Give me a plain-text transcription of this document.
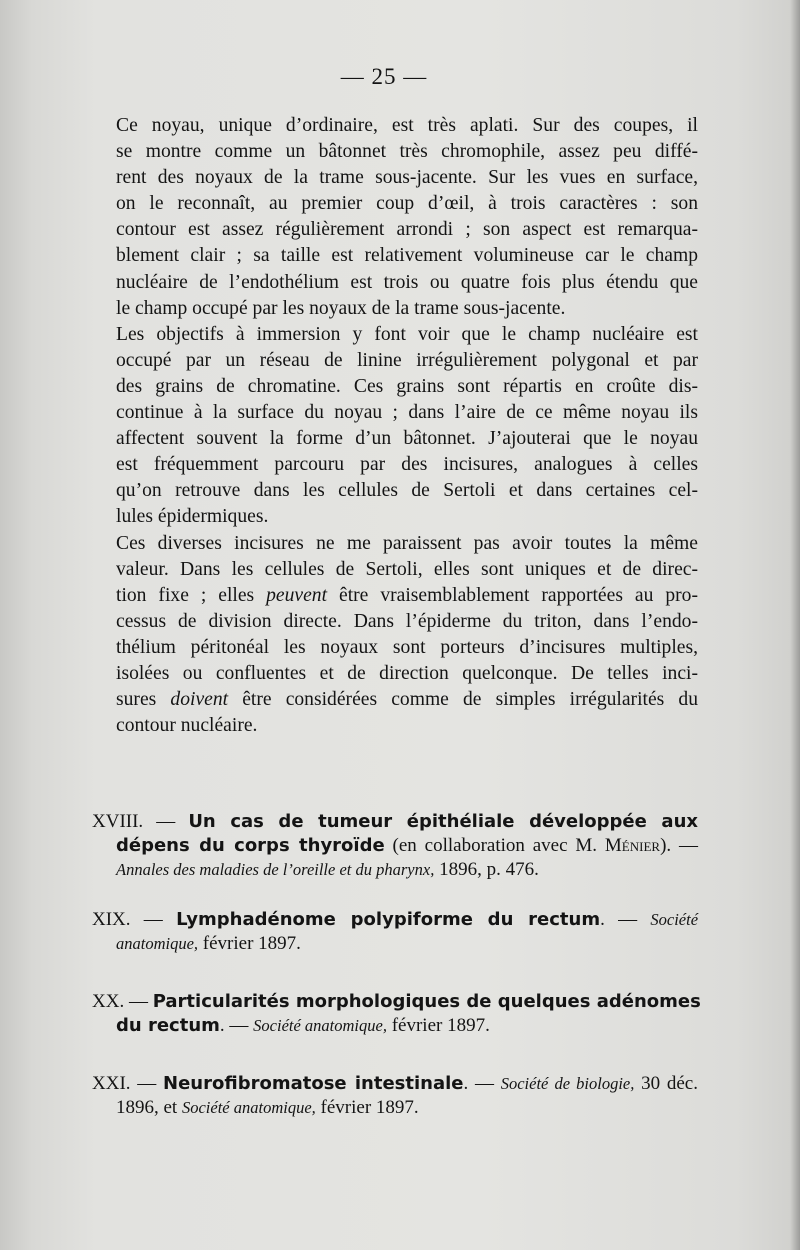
— 25 —

Ce noyau, unique d’ordinaire, est très aplati. Sur des coupes, il
se montre comme un bâtonnet très chromophile, assez peu diffé-
rent des noyaux de la trame sous-jacente. Sur les vues en surface,
on le reconnaît, au premier coup d’œil, à trois caractères : son
contour est assez régulièrement arrondi ; son aspect est remarqua-
blement clair ; sa taille est relativement volumineuse car le champ
nucléaire de l’endothélium est trois ou quatre fois plus étendu que
le champ occupé par les noyaux de la trame sous-jacente.

Les objectifs à immersion y font voir que le champ nucléaire est
occupé par un réseau de linine irrégulièrement polygonal et par
des grains de chromatine. Ces grains sont répartis en croûte dis-
continue à la surface du noyau ; dans l’aire de ce même noyau ils
affectent souvent la forme d’un bâtonnet. J’ajouterai que le noyau
est fréquemment parcouru par des incisures, analogues à celles
qu’on retrouve dans les cellules de Sertoli et dans certaines cel-
lules épidermiques.

Ces diverses incisures ne me paraissent pas avoir toutes la même
valeur. Dans les cellules de Sertoli, elles sont uniques et de direc-
tion fixe ; elles peuvent être vraisemblablement rapportées au pro-
cessus de division directe. Dans l’épiderme du triton, dans l’endo-
thélium péritonéal les noyaux sont porteurs d’incisures multiples,
isolées ou confluentes et de direction quelconque. De telles inci-
sures doivent être considérées comme de simples irrégularités du
contour nucléaire.

XVIII. — Un cas de tumeur épithéliale développée aux
dépens du corps thyroïde (en collaboration avec M. Ménier). —
Annales des maladies de l’oreille et du pharynx, 1896, p. 476.
XIX. — Lymphadénome polypiforme du rectum. — Société
anatomique, février 1897.
XX. — Particularités morphologiques de quelques adénomes
du rectum. — Société anatomique, février 1897.
XXI. — Neurofibromatose intestinale. — Société de biologie, 30 déc.
1896, et Société anatomique, février 1897.
